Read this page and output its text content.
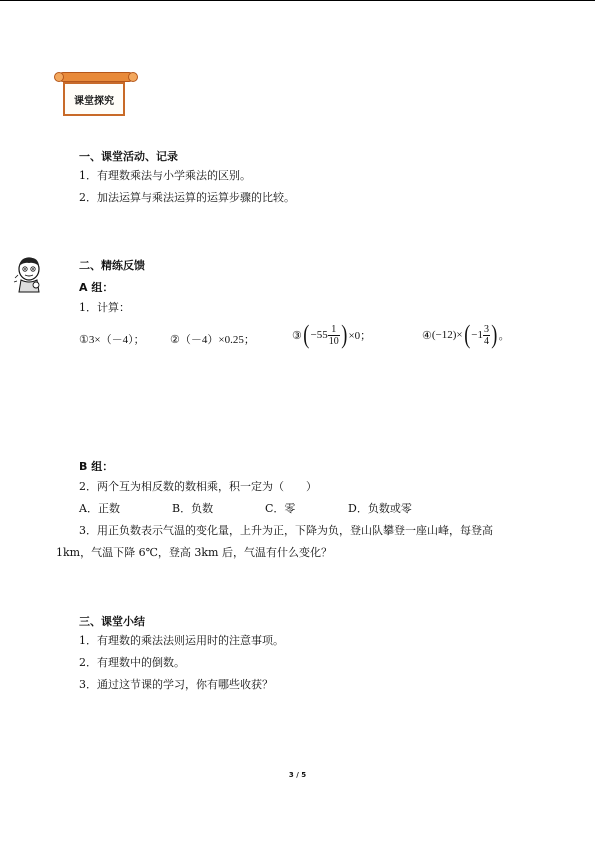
课堂探究
一、课堂活动、记录
1．有理数乘法与小学乘法的区别。
2．加法运算与乘法运算的运算步骤的比较。
二、精练反馈
A 组：
1．计算：
①3×（－4）； ②（－4）×0.25；	③ ( $-55 \frac{1}{10}$ ) ×0；	④ (−12)× ( $-1 \frac{3}{4}$ ) 。
B 组：
2．两个互为相反数的数相乘，积一定为（　　）
A．正数	B．负数	C．零	D．负数或零
3．用正负数表示气温的变化量，上升为正，下降为负，登山队攀登一座山峰，每登高
1km，气温下降 6℃，登高 3km 后，气温有什么变化？
三、课堂小结
1．有理数的乘法法则运用时的注意事项。
2．有理数中的倒数。
3．通过这节课的学习，你有哪些收获？
3 / 5
